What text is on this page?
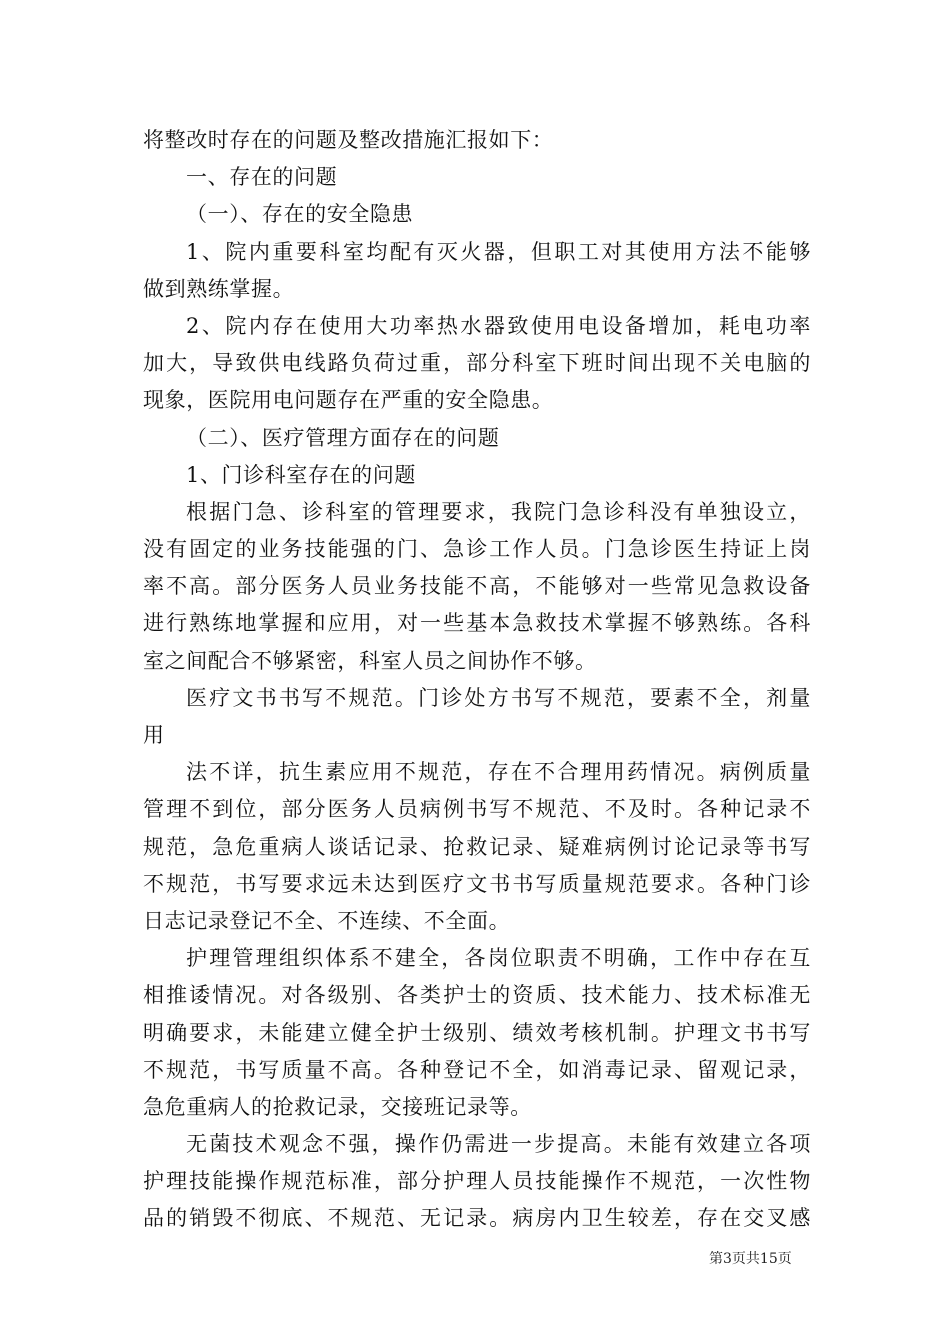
将整改时存在的问题及整改措施汇报如下：
一、存在的问题
（一）、存在的安全隐患
1、院内重要科室均配有灭火器，但职工对其使用方法不能够
做到熟练掌握。
2、院内存在使用大功率热水器致使用电设备增加，耗电功率
加大，导致供电线路负荷过重，部分科室下班时间出现不关电脑的
现象，医院用电问题存在严重的安全隐患。
（二）、医疗管理方面存在的问题
1、门诊科室存在的问题
根据门急、诊科室的管理要求，我院门急诊科没有单独设立，
没有固定的业务技能强的门、急诊工作人员。门急诊医生持证上岗
率不高。部分医务人员业务技能不高，不能够对一些常见急救设备
进行熟练地掌握和应用，对一些基本急救技术掌握不够熟练。各科
室之间配合不够紧密，科室人员之间协作不够。
医疗文书书写不规范。门诊处方书写不规范，要素不全，剂量
用
法不详，抗生素应用不规范，存在不合理用药情况。病例质量
管理不到位，部分医务人员病例书写不规范、不及时。各种记录不
规范，急危重病人谈话记录、抢救记录、疑难病例讨论记录等书写
不规范，书写要求远未达到医疗文书书写质量规范要求。各种门诊
日志记录登记不全、不连续、不全面。
护理管理组织体系不建全，各岗位职责不明确，工作中存在互
相推诿情况。对各级别、各类护士的资质、技术能力、技术标准无
明确要求，未能建立健全护士级别、绩效考核机制。护理文书书写
不规范，书写质量不高。各种登记不全，如消毒记录、留观记录，
急危重病人的抢救记录，交接班记录等。
无菌技术观念不强，操作仍需进一步提高。未能有效建立各项
护理技能操作规范标准，部分护理人员技能操作不规范，一次性物
品的销毁不彻底、不规范、无记录。病房内卫生较差，存在交叉感
第3页共15页
